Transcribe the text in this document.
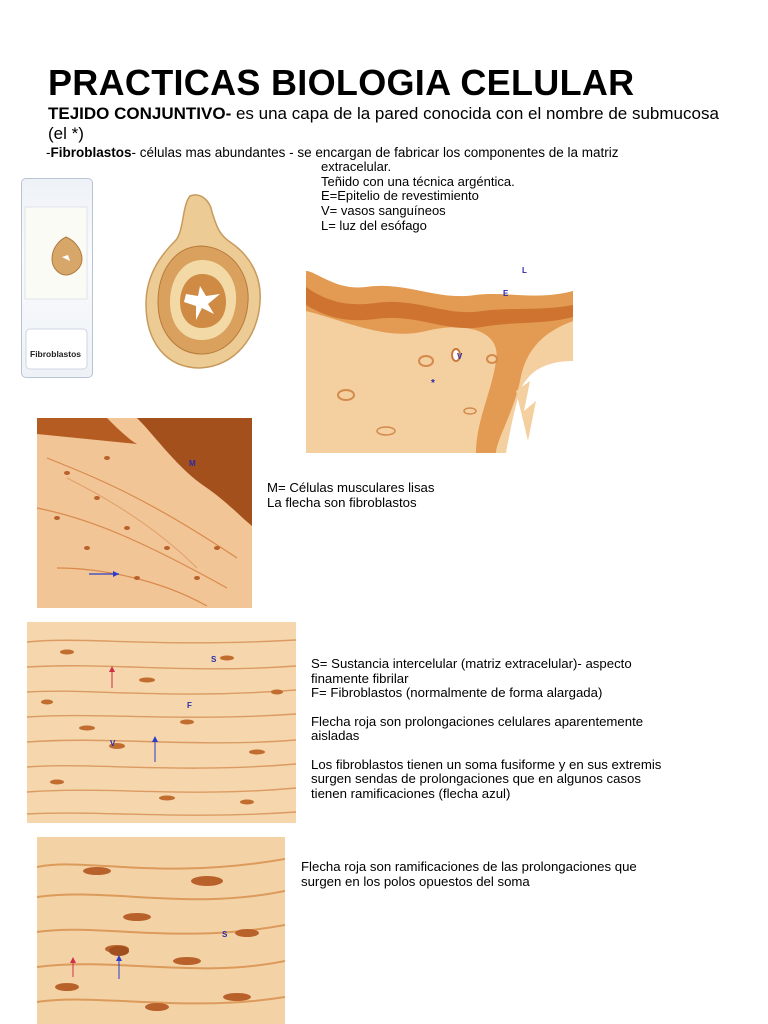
PRACTICAS BIOLOGIA CELULAR
TEJIDO CONJUNTIVO- es una capa de la pared conocida con el nombre de submucosa (el *)
-Fibroblastos- células mas abundantes - se encargan de fabricar los componentes de la matriz
extracelular.
Teñido con una técnica argéntica.
E=Epitelio de revestimiento
V= vasos sanguíneos
L= luz del esófago
Fibroblastos
L
E
V
*
M
M= Células musculares lisas
La flecha son fibroblastos
S
F
V

S= Sustancia intercelular (matriz extracelular)- aspecto
finamente fibrilar
F= Fibroblastos (normalmente de forma alargada)

Flecha roja son prolongaciones celulares aparentemente
aisladas

Los fibroblastos tienen un soma fusiforme y en sus extremis
surgen sendas de prolongaciones que en algunos casos
tienen ramificaciones (flecha azul)

S
Flecha roja son ramificaciones de las prolongaciones que
surgen en los polos opuestos del soma
